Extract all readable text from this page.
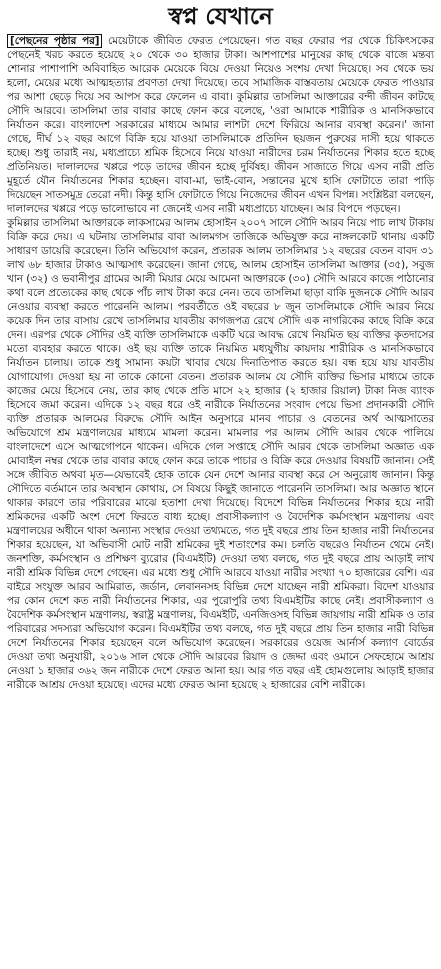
স্বপ্ন যেখানে

[পেছনের পৃষ্ঠার পর] মেয়েটাকে জীবিত ফেরত পেয়েছেন। গত বছর ফেরার পর থেকে চিকিৎসকের পেছনেই খরচ করতে হয়েছে ২০ থেকে ৩০ হাজার টাকা। আশপাশের মানুষের কাছ থেকে বাজে মন্তব্য শোনার পাশাপাশি অবিবাহিত আরেক মেয়েকে বিয়ে দেওয়া নিয়েও সংশয় দেখা দিয়েছে। সব থেকে ভয় হলো, মেয়ের মধ্যে আত্মহত্যার প্রবণতা দেখা দিয়েছে। তবে সামাজিক বাস্তবতায় মেয়েকে ফেরত পাওয়ার পর আশা ছেড়ে দিয়ে সব আপস করে ফেলেন এ বাবা। কুমিল্লার তাসলিমা আক্তারের বন্দী জীবন কাটছে সৌদি আরবে। তাসলিমা তার বাবার কাছে ফোন করে বলেছে, 'ওরা আমাকে শারীরিক ও মানসিকভাবে নির্যাতন করে। বাংলাদেশ সরকারের মাধ্যমে আমার লাশটা দেশে ফিরিয়ে আনার ব্যবস্থা করেন।' জানা গেছে, দীর্ঘ ১২ বছর আগে বিক্রি হয়ে যাওয়া তাসলিমাকে প্রতিদিন ছয়জন পুরুষের দাসী হয়ে থাকতে হচ্ছে। শুধু তারাই নয়, মধ্যপ্রাচ্যে শ্রমিক হিসেবে নিয়ে যাওয়া নারীদের চরম নির্যাতনের শিকার হতে হচ্ছে প্রতিনিয়ত। দালালদের খপ্পরে পড়ে তাদের জীবন হচ্ছে দুর্বিষহ। জীবন সাজাতে গিয়ে এসব নারী প্রতি মুহূর্তে যৌন নির্যাতনের শিকার হচ্ছেন। বাবা-মা, ভাই-বোন, সন্তানের মুখে হাসি ফোটাতে তারা পাড়ি দিয়েছেন সাতসমুদ্র তেরো নদী। কিন্তু হাসি ফোটাতে গিয়ে নিজেদের জীবন এখন বিপন্ন। সংশ্লিষ্টরা বলছেন, দালালদের খপ্পরে পড়ে ভালোভাবে না জেনেই এসব নারী মধ্যপ্রাচ্যে যাচ্ছেন। আর বিপদে পড়ছেন।

কুমিল্লার তাসলিমা আক্তারকে লাকসামের আলম হোসাইন ২০০৭ সালে সৌদি আরব নিয়ে পাচ লাখ টাকায় বিক্রি করে দেয়। এ ঘটনায় তাসলিমার বাবা আলমগস তাজিকে অভিযুক্ত করে নাঙ্গলকোট থানায় একটি সাধারণ ডায়েরি করেছেন। তিনি অভিযোগ করেন, প্রতারক আলম তাসলিমার ১২ বছরের বেতন বাবদ ৩১ লাখ ৬৮ হাজার টাকাও আত্মসাৎ করেছেন। জানা গেছে, আলম হোসাইন তাসলিমা আক্তার (৩৫), সবুজ খান (৩২) ও ভবানীপুর গ্রামের আলী মিয়ার মেয়ে আমেনা আক্তারকে (৩০) সৌদি আরবে কাজে পাঠানোর কথা বলে প্রত্যেকের কাছ থেকে পাঁচ লাখ টাকা করে নেন। তবে তাসলিমা ছাড়া বাকি দুজনকে সৌদি আরব নেওয়ার ব্যবস্থা করতে পারেননি আলম। পরবর্তীতে ওই বছরের ৮ জুন তাসলিমাকে সৌদি আরব নিয়ে কয়েক দিন তার বাসায় রেখে তাসলিমার যাবতীয় কাগজপত্র রেখে সৌদি এক নাগরিকের কাছে বিক্রি করে দেন। এরপর থেকে সৌদির ওই ব্যক্তি তাসলিমাকে একটি ঘরে আবদ্ধ রেখে নিয়মিত ছয় ব্যক্তির কৃতদাসের মতো ব্যবহার করতে থাকে। ওই ছয় ব্যক্তি তাকে নিয়মিত মধ্যযুগীয় কায়দায় শারীরিক ও মানসিকভাবে নির্যাতন চালায়। তাকে শুধু সামান্য কয়টা খাবার খেয়ে দিনাতিপাত করতে হয়। বন্ধ হয়ে যায় যাবতীয় যোগাযোগ। দেওয়া হয় না তাকে কোনো বেতন। প্রতারক আলম যে সৌদি ব্যক্তির ভিসার মাধ্যমে তাকে কাজের মেয়ে হিসেবে নেয়, তার কাছ থেকে প্রতি মাসে ২২ হাজার (২ হাজার রিয়াল) টাকা নিজ ব্যাংক হিসেবে জমা করেন। এদিকে ১২ বছর ধরে ওই নারীকে নির্যাতনের সংবাদ পেয়ে ভিসা প্রদানকারী সৌদি ব্যক্তি প্রতারক আলমের বিরুদ্ধে সৌদি আইন অনুসারে মানব পাচার ও বেতনের অর্থ আত্মসাতের অভিযোগে শ্রম মন্ত্রণালয়ের মাধ্যমে মামলা করেন। মামলার পর আলম সৌদি আরব থেকে পালিয়ে বাংলাদেশে এসে আত্মগোপনে থাকেন। এদিকে গেল সপ্তাহে সৌদি আরব থেকে তাসলিমা অজ্ঞাত এক মোবাইল নম্বর থেকে তার বাবার কাছে ফোন করে তাকে পাচার ও বিক্রি করে দেওয়ার বিষয়টি জানান। সেই সঙ্গে জীবিত অথবা মৃত—যেভাবেই হোক তাকে যেন দেশে আনার ব্যবস্থা করে সে অনুরোধ জানান। কিন্তু সৌদিতে বর্তমানে তার অবস্থান কোথায়, সে বিষয়ে কিছুই জানাতে পারেননি তাসলিমা। আর অজ্ঞাত স্থানে থাকার কারণে তার পরিবারের মাঝে হতাশা দেখা দিয়েছে। বিদেশে বিভিন্ন নির্যাতনের শিকার হয়ে নারী শ্রমিকদের একটি অংশ দেশে ফিরতে বাধ্য হচ্ছে। প্রবাসীকল্যাণ ও বৈদেশিক কর্মসংস্থান মন্ত্রণালয় এবং মন্ত্রণালয়ের অধীনে থাকা অন্যান্য সংস্থার দেওয়া তথ্যমতে, গত দুই বছরে প্রায় তিন হাজার নারী নির্যাতনের শিকার হয়েছেন, যা অভিবাসী মোট নারী শ্রমিকের দুই শতাংশের কম। চলতি বছরেও নির্যাতন থেমে নেই। জনশক্তি, কর্মসংস্থান ও প্রশিক্ষণ ব্যুরোর (বিএমইটি) দেওয়া তথ্য বলছে, গত দুই বছরে প্রায় আড়াই লাখ নারী শ্রমিক বিভিন্ন দেশে গেছেন। এর মধ্যে শুধু সৌদি আরবে যাওয়া নারীর সংখ্যা ৭০ হাজারের বেশি। এর বাইরে সংযুক্ত আরব আমিরাত, জর্ডান, লেবাননসহ বিভিন্ন দেশে যাচ্ছেন নারী শ্রমিকরা। বিদেশ যাওয়ার পর কোন দেশে কত নারী নির্যাতনের শিকার, এর পুরোপুরি তথ্য বিএমইটির কাছে নেই। প্রবাসীকল্যাণ ও বৈদেশিক কর্মসংস্থান মন্ত্রণালয়, স্বরাষ্ট্র মন্ত্রণালয়, বিএমইটি, এনজিওসহ বিভিন্ন জায়গায় নারী শ্রমিক ও তার পরিবারের সদস্যরা অভিযোগ করেন। বিএমইটির তথ্য বলছে, গত দুই বছরে প্রায় তিন হাজার নারী বিভিন্ন দেশে নির্যাতনের শিকার হয়েছেন বলে অভিযোগ করেছেন। সরকারের ওয়েজ আর্নার্স কল্যাণ বোর্ডের দেওয়া তথ্য অনুযায়ী, ২০১৬ সাল থেকে সৌদি আরবের রিয়াদ ও জেদ্দা এবং ওমানে সেফহোমে আশ্রয় নেওয়া ১ হাজার ৩৬২ জন নারীকে দেশে ফেরত আনা হয়। আর গত বছর এই হোমগুলোয় আড়াই হাজার নারীকে আশ্রয় দেওয়া হয়েছে। এদের মধ্যে ফেরত আনা হয়েছে ২ হাজারের বেশি নারীকে।
